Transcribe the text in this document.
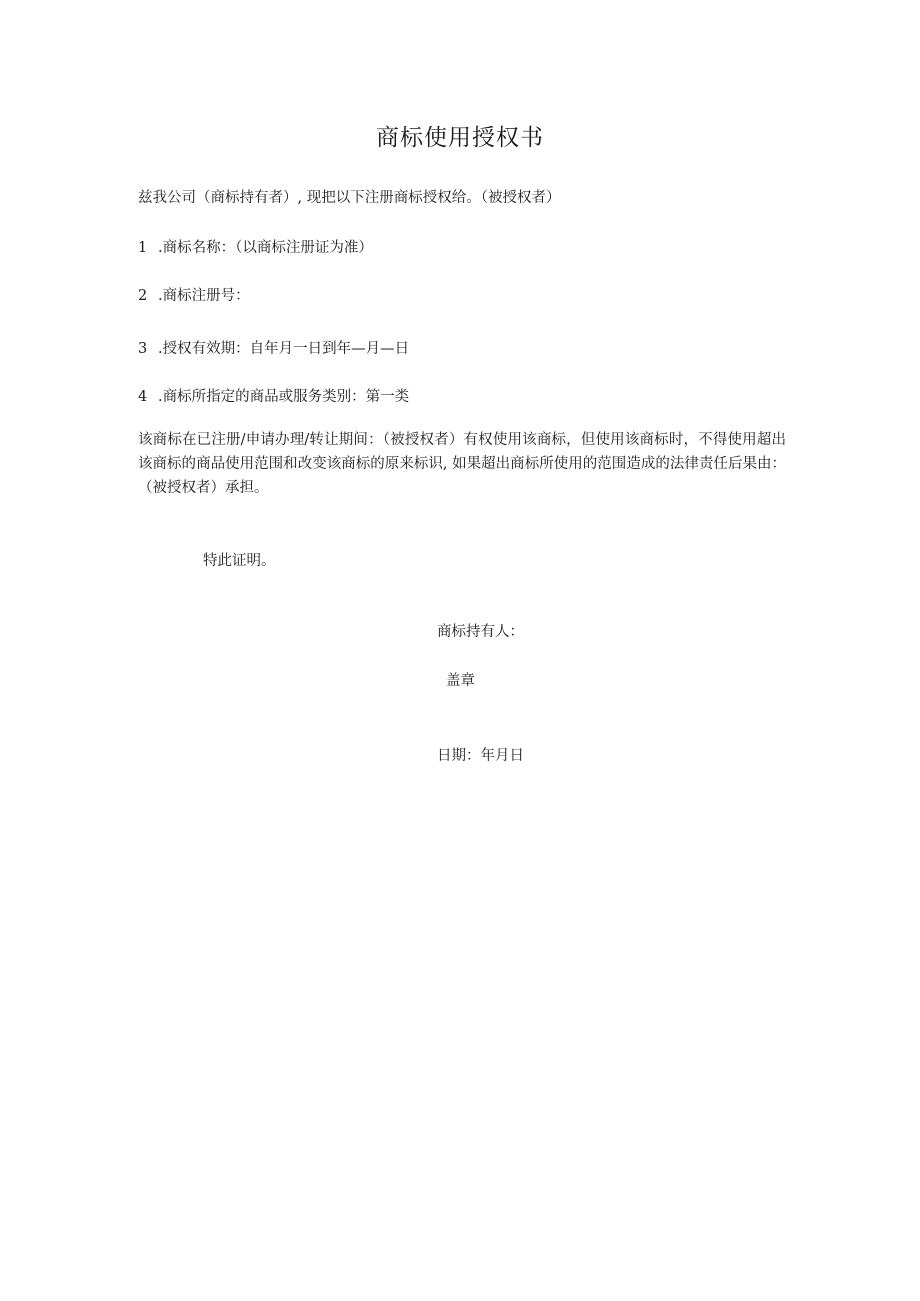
商标使用授权书

兹我公司（商标持有者）, 现把以下注册商标授权给。（被授权者）

1 .商标名称：（以商标注册证为准）

2 .商标注册号：

3 .授权有效期：自年月一日到年—月—日

4 .商标所指定的商品或服务类别：第一类

该商标在已注册/申请办理/转让期间：（被授权者）有权使用该商标，但使用该商标时，不得使用超出该商标的商品使用范围和改变该商标的原来标识, 如果超出商标所使用的范围造成的法律责任后果由：（被授权者）承担。

特此证明。

商标持有人：

盖章

日期：年月日
